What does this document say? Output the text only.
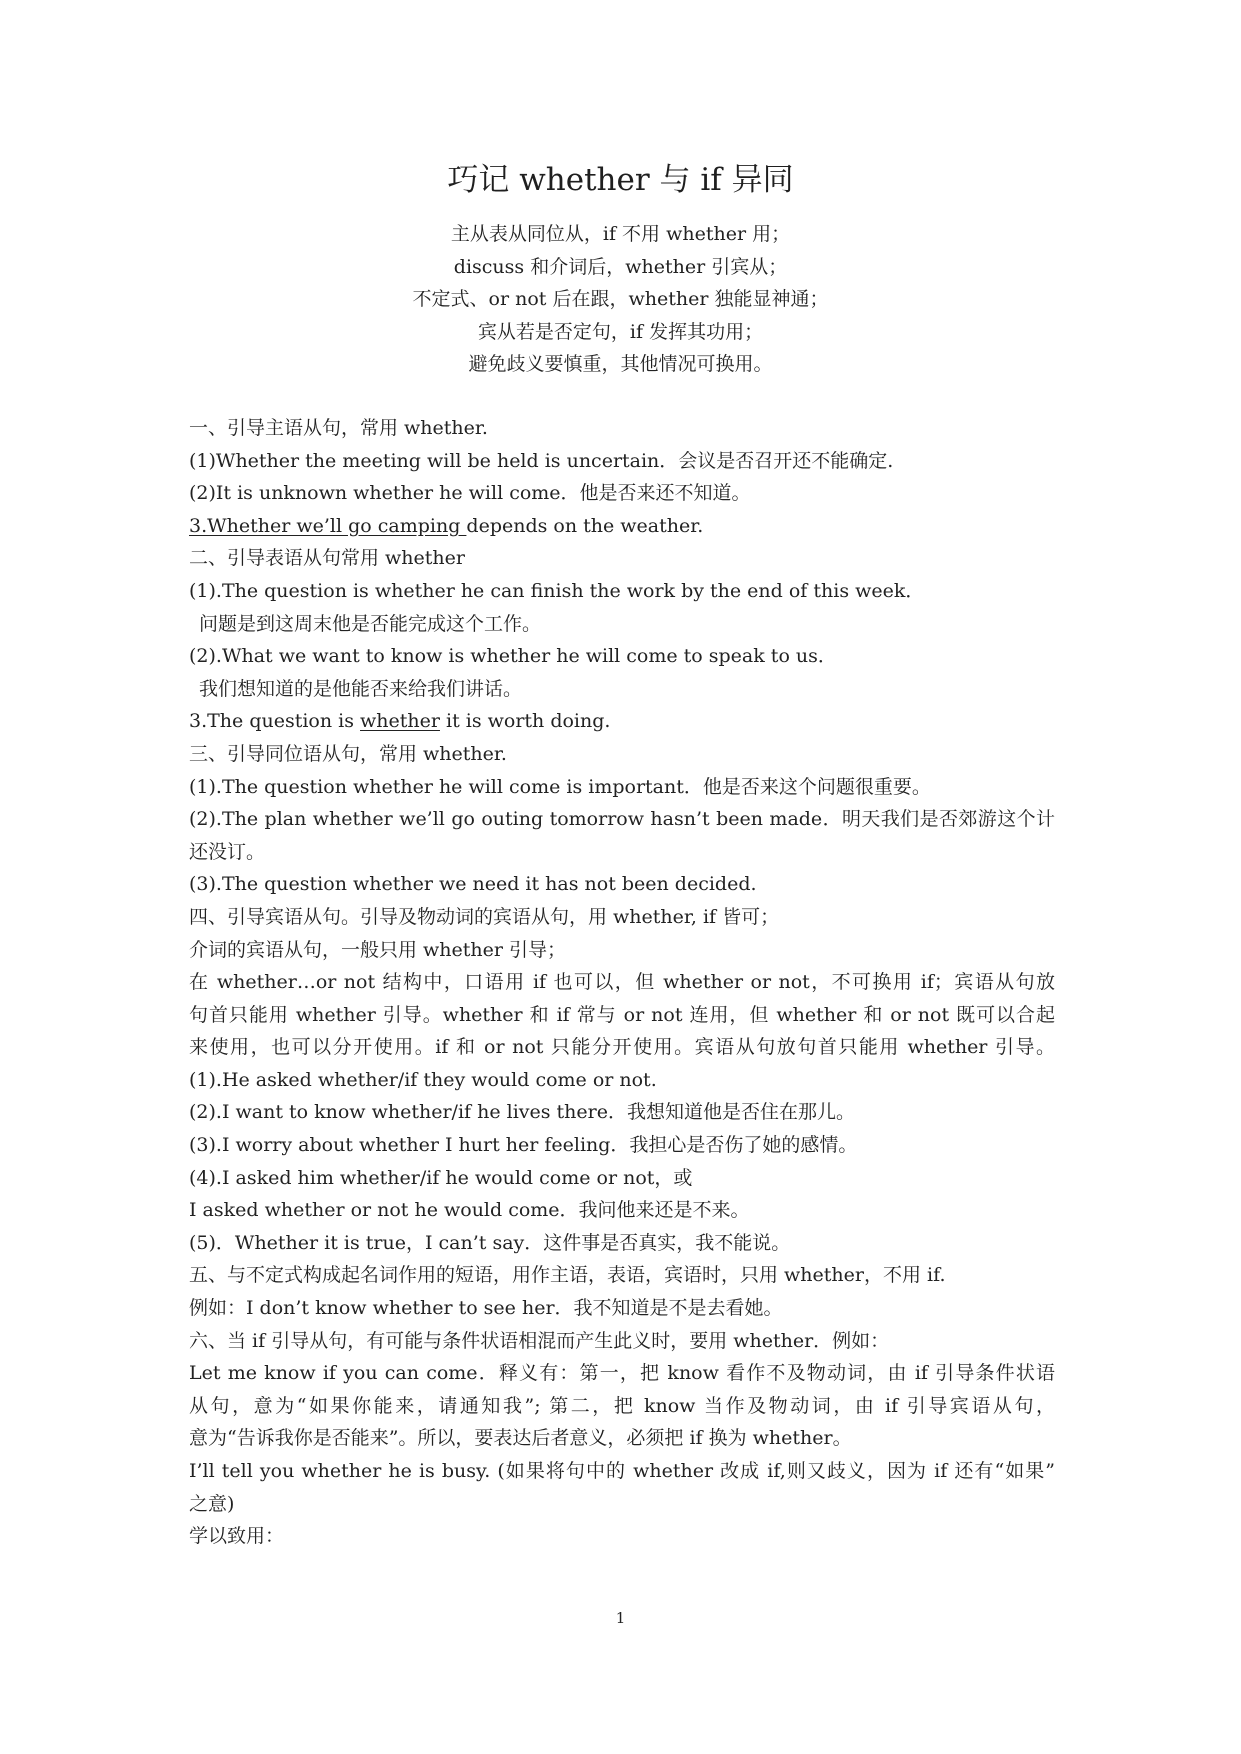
巧记 whether 与 if 异同
主从表从同位从，if 不用 whether 用；
discuss 和介词后，whether 引宾从；
不定式、or not 后在跟，whether 独能显神通；
宾从若是否定句，if 发挥其功用；
避免歧义要慎重，其他情况可换用。
一、引导主语从句，常用 whether.
(1)Whether the meeting will be held is uncertain．会议是否召开还不能确定.
(2)It is unknown whether he will come．他是否来还不知道。
3.Whether we’ll go camping depends on the weather.
二、引导表语从句常用 whether
(1).The question is whether he can finish the work by the end of this week．
问题是到这周末他是否能完成这个工作。
(2).What we want to know is whether he will come to speak to us．
我们想知道的是他能否来给我们讲话。
3.The question is whether it is worth doing.
三、引导同位语从句，常用 whether.
(1).The question whether he will come is important．他是否来这个问题很重要。
(2).The plan whether we’ll go outing tomorrow hasn’t been made．明天我们是否郊游这个计
还没订。
(3).The question whether we need it has not been decided.
四、引导宾语从句。引导及物动词的宾语从句，用 whether, if 皆可；
介词的宾语从句，一般只用 whether 引导；
在 whether…or not 结构中，口语用 if 也可以，但 whether or not，不可换用 if；宾语从句放
句首只能用 whether 引导。whether 和 if 常与 or not 连用，但 whether 和 or not 既可以合起
来使用，也可以分开使用。if 和 or not 只能分开使用。宾语从句放句首只能用 whether 引导。
(1).He asked whether/if they would come or not.
(2).I want to know whether/if he lives there．我想知道他是否住在那儿。
(3).I worry about whether I hurt her feeling．我担心是否伤了她的感情。
(4).I asked him whether/if he would come or not，或
I asked whether or not he would come．我问他来还是不来。
(5)．Whether it is true，I can’t say．这件事是否真实，我不能说。
五、与不定式构成起名词作用的短语，用作主语，表语，宾语时，只用 whether，不用 if.
例如：I don’t know whether to see her．我不知道是不是去看她。
六、当 if 引导从句，有可能与条件状语相混而产生此义时，要用 whether．例如：
Let me know if you can come．释义有：第一，把 know 看作不及物动词，由 if 引导条件状语
从句，意为“如果你能来，请通知我”; 第二，把 know 当作及物动词，由 if 引导宾语从句，
意为“告诉我你是否能来”。所以，要表达后者意义，必须把 if 换为 whether。
I’ll tell you whether he is busy. (如果将句中的 whether 改成 if,则又歧义，因为 if 还有“如果”
之意)
学以致用：
1
